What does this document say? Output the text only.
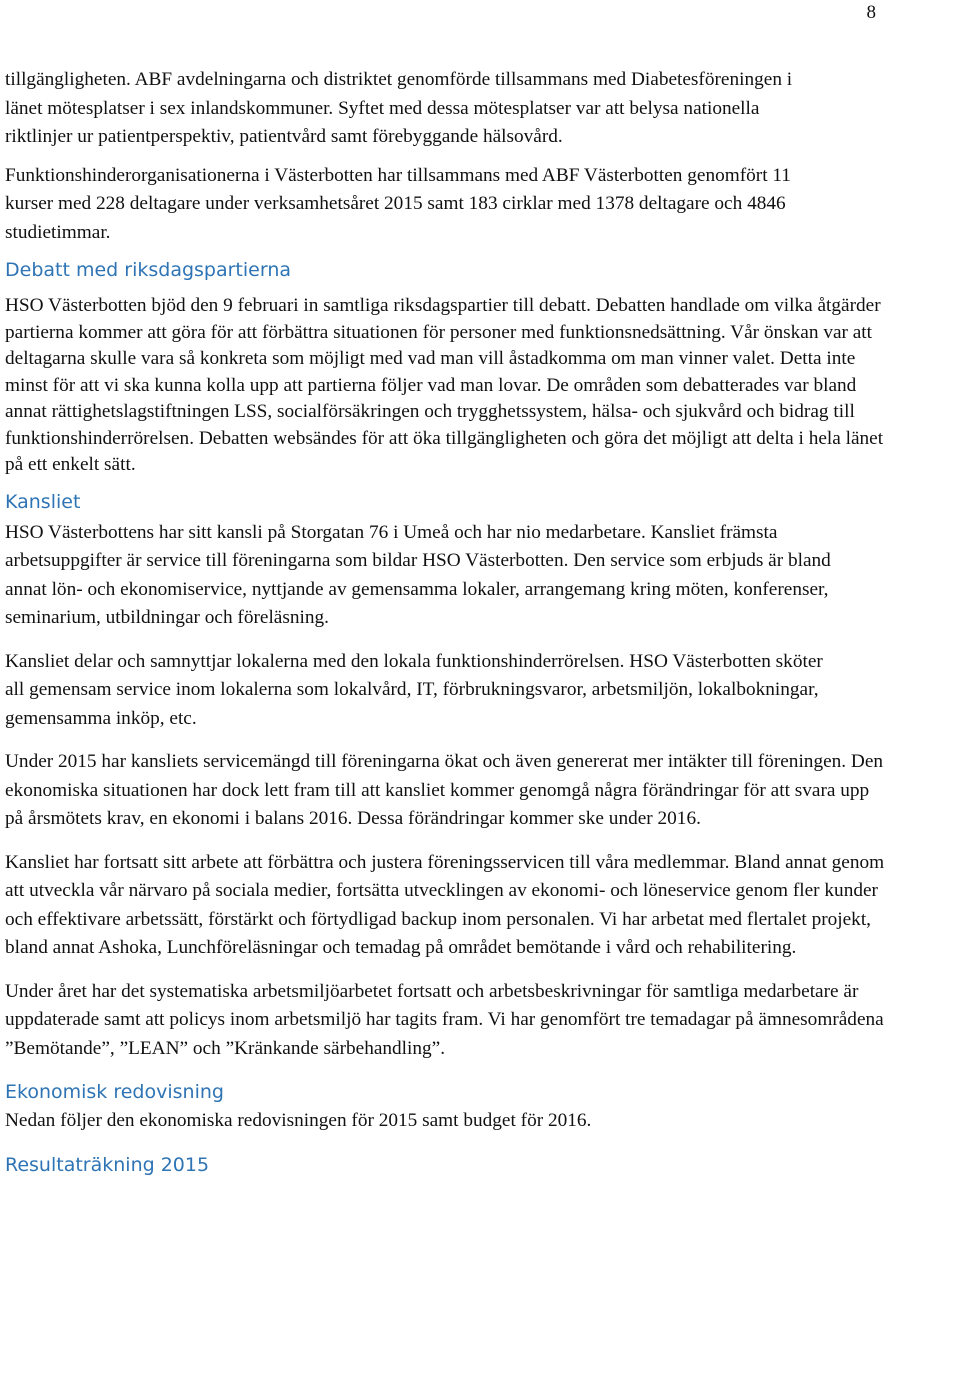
8

tillgängligheten. ABF avdelningarna och distriktet genomförde tillsammans med Diabetesföreningen i länet mötesplatser i sex inlandskommuner. Syftet med dessa mötesplatser var att belysa nationella riktlinjer ur patientperspektiv, patientvård samt förebyggande hälsovård.

Funktionshinderorganisationerna i Västerbotten har tillsammans med ABF Västerbotten genomfört 11 kurser med 228 deltagare under verksamhetsåret 2015 samt 183 cirklar med 1378 deltagare och 4846 studietimmar.

Debatt med riksdagspartierna

HSO Västerbotten bjöd den 9 februari in samtliga riksdagspartier till debatt. Debatten handlade om vilka åtgärder partierna kommer att göra för att förbättra situationen för personer med funktionsnedsättning. Vår önskan var att deltagarna skulle vara så konkreta som möjligt med vad man vill åstadkomma om man vinner valet. Detta inte minst för att vi ska kunna kolla upp att partierna följer vad man lovar. De områden som debatterades var bland annat rättighetslagstiftningen LSS, socialförsäkringen och trygghetssystem, hälsa- och sjukvård och bidrag till funktionshinderrörelsen. Debatten websändes för att öka tillgängligheten och göra det möjligt att delta i hela länet på ett enkelt sätt.

Kansliet

HSO Västerbottens har sitt kansli på Storgatan 76 i Umeå och har nio medarbetare. Kansliet främsta arbetsuppgifter är service till föreningarna som bildar HSO Västerbotten. Den service som erbjuds är bland annat lön- och ekonomiservice, nyttjande av gemensamma lokaler, arrangemang kring möten, konferenser, seminarium, utbildningar och föreläsning.

Kansliet delar och samnyttjar lokalerna med den lokala funktionshinderrörelsen. HSO Västerbotten sköter all gemensam service inom lokalerna som lokalvård, IT, förbrukningsvaror, arbetsmiljön, lokalbokningar, gemensamma inköp, etc.

Under 2015 har kansliets servicemängd till föreningarna ökat och även genererat mer intäkter till föreningen. Den ekonomiska situationen har dock lett fram till att kansliet kommer genomgå några förändringar för att svara upp på årsmötets krav, en ekonomi i balans 2016. Dessa förändringar kommer ske under 2016.

Kansliet har fortsatt sitt arbete att förbättra och justera föreningsservicen till våra medlemmar. Bland annat genom att utveckla vår närvaro på sociala medier, fortsätta utvecklingen av ekonomi- och löneservice genom fler kunder och effektivare arbetssätt, förstärkt och förtydligad backup inom personalen. Vi har arbetat med flertalet projekt, bland annat Ashoka, Lunchföreläsningar och temadag på området bemötande i vård och rehabilitering.

Under året har det systematiska arbetsmiljöarbetet fortsatt och arbetsbeskrivningar för samtliga medarbetare är uppdaterade samt att policys inom arbetsmiljö har tagits fram. Vi har genomfört tre temadagar på ämnesområdena ”Bemötande”, ”LEAN” och ”Kränkande särbehandling”.

Ekonomisk redovisning

Nedan följer den ekonomiska redovisningen för 2015 samt budget för 2016.

Resultaträkning 2015
